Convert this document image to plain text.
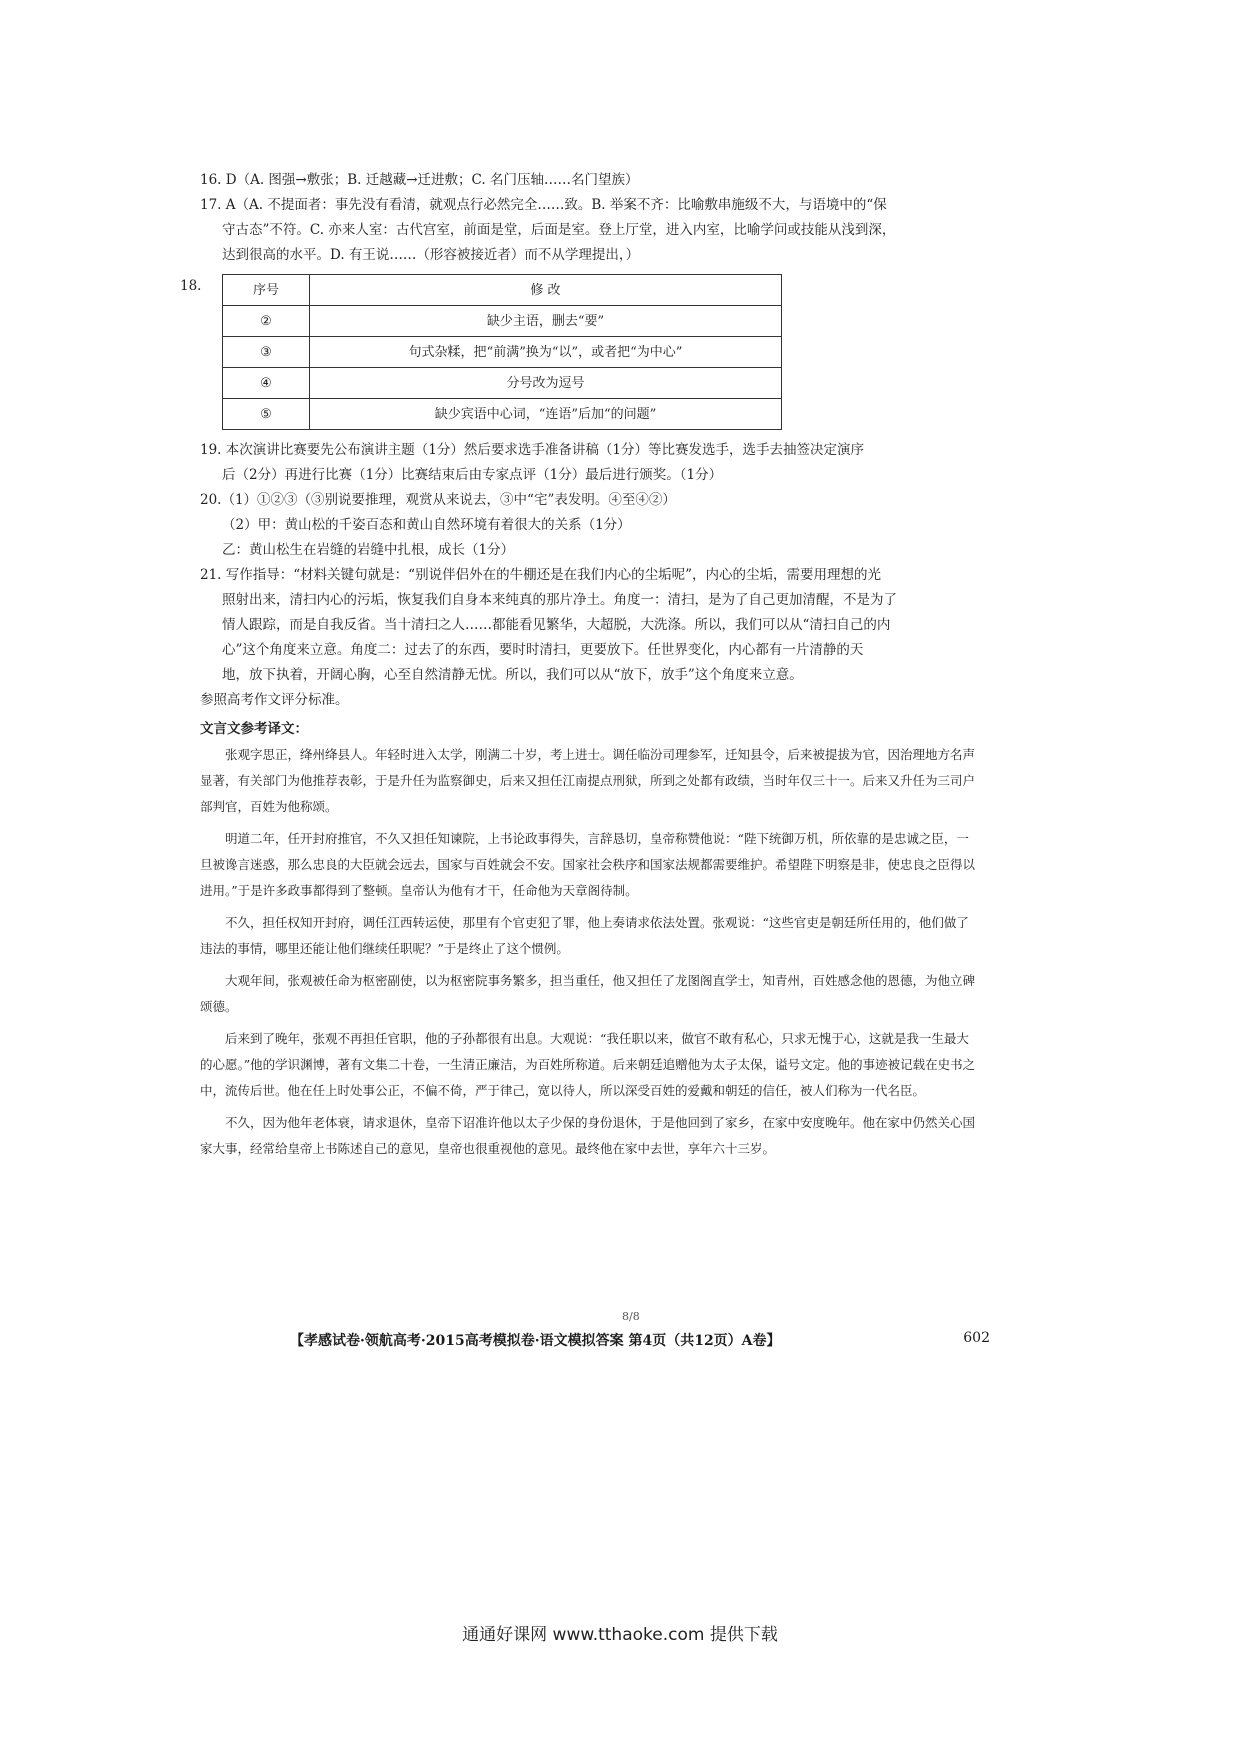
16. D（A. 图强→敷张；B. 迁越藏→迁进敷；C. 名门压轴……名门望族）
17. A（A. 不提面者：事先没有看清，就观点行必然完全……致。B. 举案不齐：比喻敷串施级不大，与语境中的“保
守古态”不符。C. 亦来人室：古代宫室，前面是堂，后面是室。登上厅堂，进入内室，比喻学问或技能从浅到深，
达到很高的水平。D. 有王说……（形容被接近者）而不从学理提出，）
18.	序号	修 改
②	缺少主语，删去“要”
③	句式杂糅，把“前满”换为“以”，或者把“为中心”
④	分号改为逗号
⑤	缺少宾语中心词，“连语”后加“的问题”
19. 本次演讲比赛要先公布演讲主题（1分）然后要求选手准备讲稿（1分）等比赛发选手，选手去抽签决定演序
后（2分）再进行比赛（1分）比赛结束后由专家点评（1分）最后进行颁奖。（1分）
20.（1）①②③（③别说要推理，观赏从来说去，③中“宅”表发明。④至④②）
（2）甲：黄山松的千姿百态和黄山自然环境有着很大的关系（1分）
乙：黄山松生在岩缝的岩缝中扎根，成长（1分）
21. 写作指导：“材料关键句就是：“别说伴侣外在的牛棚还是在我们内心的尘垢呢”，内心的尘垢，需要用理想的光
照射出来，清扫内心的污垢，恢复我们自身本来纯真的那片净土。角度一：清扫，是为了自己更加清醒，不是为了
情人跟踪，而是自我反省。当十清扫之人……都能看见繁华，大超脱，大洗涤。所以，我们可以从“清扫自己的内
心”这个角度来立意。角度二：过去了的东西，要时时清扫，更要放下。任世界变化，内心都有一片清静的天
地，放下执着，开阔心胸，心至自然清静无忧。所以，我们可以从“放下，放手”这个角度来立意。
参照高考作文评分标准。
文言文参考译文：
张观字思正，绛州绛县人。年轻时进入太学，刚满二十岁，考上进士。调任临汾司理参军，迁知县令，后来被提拔为官，因治理地方名声显著，有关部门为他推荐表彰，于是升任为监察御史，后来又担任江南提点刑狱，所到之处都有政绩，当时年仅三十一。后来又升任为三司户部判官，百姓为他称颂。
明道二年，任开封府推官，不久又担任知谏院，上书论政事得失，言辞恳切，皇帝称赞他说：“陛下统御万机，所依靠的是忠诚之臣，一旦被谗言迷惑，那么忠良的大臣就会远去，国家与百姓就会不安。国家社会秩序和国家法规都需要维护。希望陛下明察是非，使忠良之臣得以进用。”于是许多政事都得到了整顿。皇帝认为他有才干，任命他为天章阁待制。
不久，担任权知开封府，调任江西转运使，那里有个官吏犯了罪，他上奏请求依法处置。张观说：“这些官吏是朝廷所任用的，他们做了违法的事情，哪里还能让他们继续任职呢？”于是终止了这个惯例。
大观年间，张观被任命为枢密副使，以为枢密院事务繁多，担当重任，他又担任了龙图阁直学士，知青州，百姓感念他的恩德，为他立碑颂德。
后来到了晚年，张观不再担任官职，他的子孙都很有出息。大观说：“我任职以来，做官不敢有私心，只求无愧于心，这就是我一生最大的心愿。”他的学识渊博，著有文集二十卷，一生清正廉洁，为百姓所称道。后来朝廷追赠他为太子太保，谥号文定。他的事迹被记载在史书之中，流传后世。他在任上时处事公正，不偏不倚，严于律己，宽以待人，所以深受百姓的爱戴和朝廷的信任，被人们称为一代名臣。
不久，因为他年老体衰，请求退休，皇帝下诏准许他以太子少保的身份退休，于是他回到了家乡，在家中安度晚年。他在家中仍然关心国家大事，经常给皇帝上书陈述自己的意见，皇帝也很重视他的意见。最终他在家中去世，享年六十三岁。
8/8
【孝感试卷·领航高考·2015高考模拟卷·语文模拟答案 第4页（共12页）A卷】	602
通通好课网 www.tthaoke.com 提供下载
